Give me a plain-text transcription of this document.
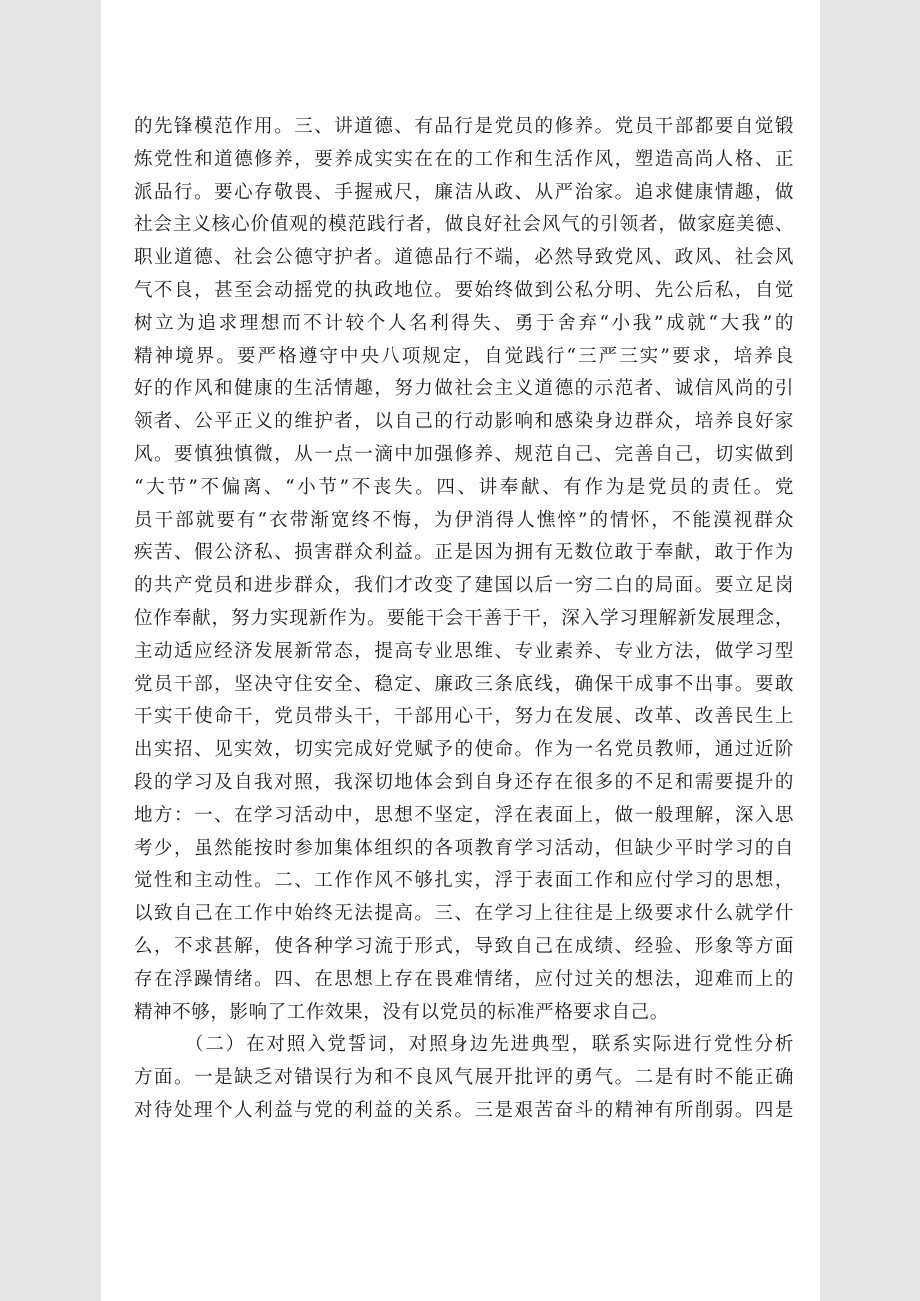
的先锋模范作用。三、讲道德、有品行是党员的修养。党员干部都要自觉锻
炼党性和道德修养，要养成实实在在的工作和生活作风，塑造高尚人格、正
派品行。要心存敬畏、手握戒尺，廉洁从政、从严治家。追求健康情趣，做
社会主义核心价值观的模范践行者，做良好社会风气的引领者，做家庭美德、
职业道德、社会公德守护者。道德品行不端，必然导致党风、政风、社会风
气不良，甚至会动摇党的执政地位。要始终做到公私分明、先公后私，自觉
树立为追求理想而不计较个人名利得失、勇于舍弃“小我”成就“大我”的
精神境界。要严格遵守中央八项规定，自觉践行“三严三实”要求，培养良
好的作风和健康的生活情趣，努力做社会主义道德的示范者、诚信风尚的引
领者、公平正义的维护者，以自己的行动影响和感染身边群众，培养良好家
风。要慎独慎微，从一点一滴中加强修养、规范自己、完善自己，切实做到
“大节”不偏离、“小节”不丧失。四、讲奉献、有作为是党员的责任。党
员干部就要有“衣带渐宽终不悔，为伊消得人憔悴”的情怀，不能漠视群众
疾苦、假公济私、损害群众利益。正是因为拥有无数位敢于奉献，敢于作为
的共产党员和进步群众，我们才改变了建国以后一穷二白的局面。要立足岗
位作奉献，努力实现新作为。要能干会干善于干，深入学习理解新发展理念，
主动适应经济发展新常态，提高专业思维、专业素养、专业方法，做学习型
党员干部，坚决守住安全、稳定、廉政三条底线，确保干成事不出事。要敢
干实干使命干，党员带头干，干部用心干，努力在发展、改革、改善民生上
出实招、见实效，切实完成好党赋予的使命。作为一名党员教师，通过近阶
段的学习及自我对照，我深切地体会到自身还存在很多的不足和需要提升的
地方：一、在学习活动中，思想不坚定，浮在表面上，做一般理解，深入思
考少，虽然能按时参加集体组织的各项教育学习活动，但缺少平时学习的自
觉性和主动性。二、工作作风不够扎实，浮于表面工作和应付学习的思想，
以致自己在工作中始终无法提高。三、在学习上往往是上级要求什么就学什
么，不求甚解，使各种学习流于形式，导致自己在成绩、经验、形象等方面
存在浮躁情绪。四、在思想上存在畏难情绪，应付过关的想法，迎难而上的
精神不够，影响了工作效果，没有以党员的标准严格要求自己。
（二）在对照入党誓词，对照身边先进典型，联系实际进行党性分析
方面。一是缺乏对错误行为和不良风气展开批评的勇气。二是有时不能正确
对待处理个人利益与党的利益的关系。三是艰苦奋斗的精神有所削弱。四是
